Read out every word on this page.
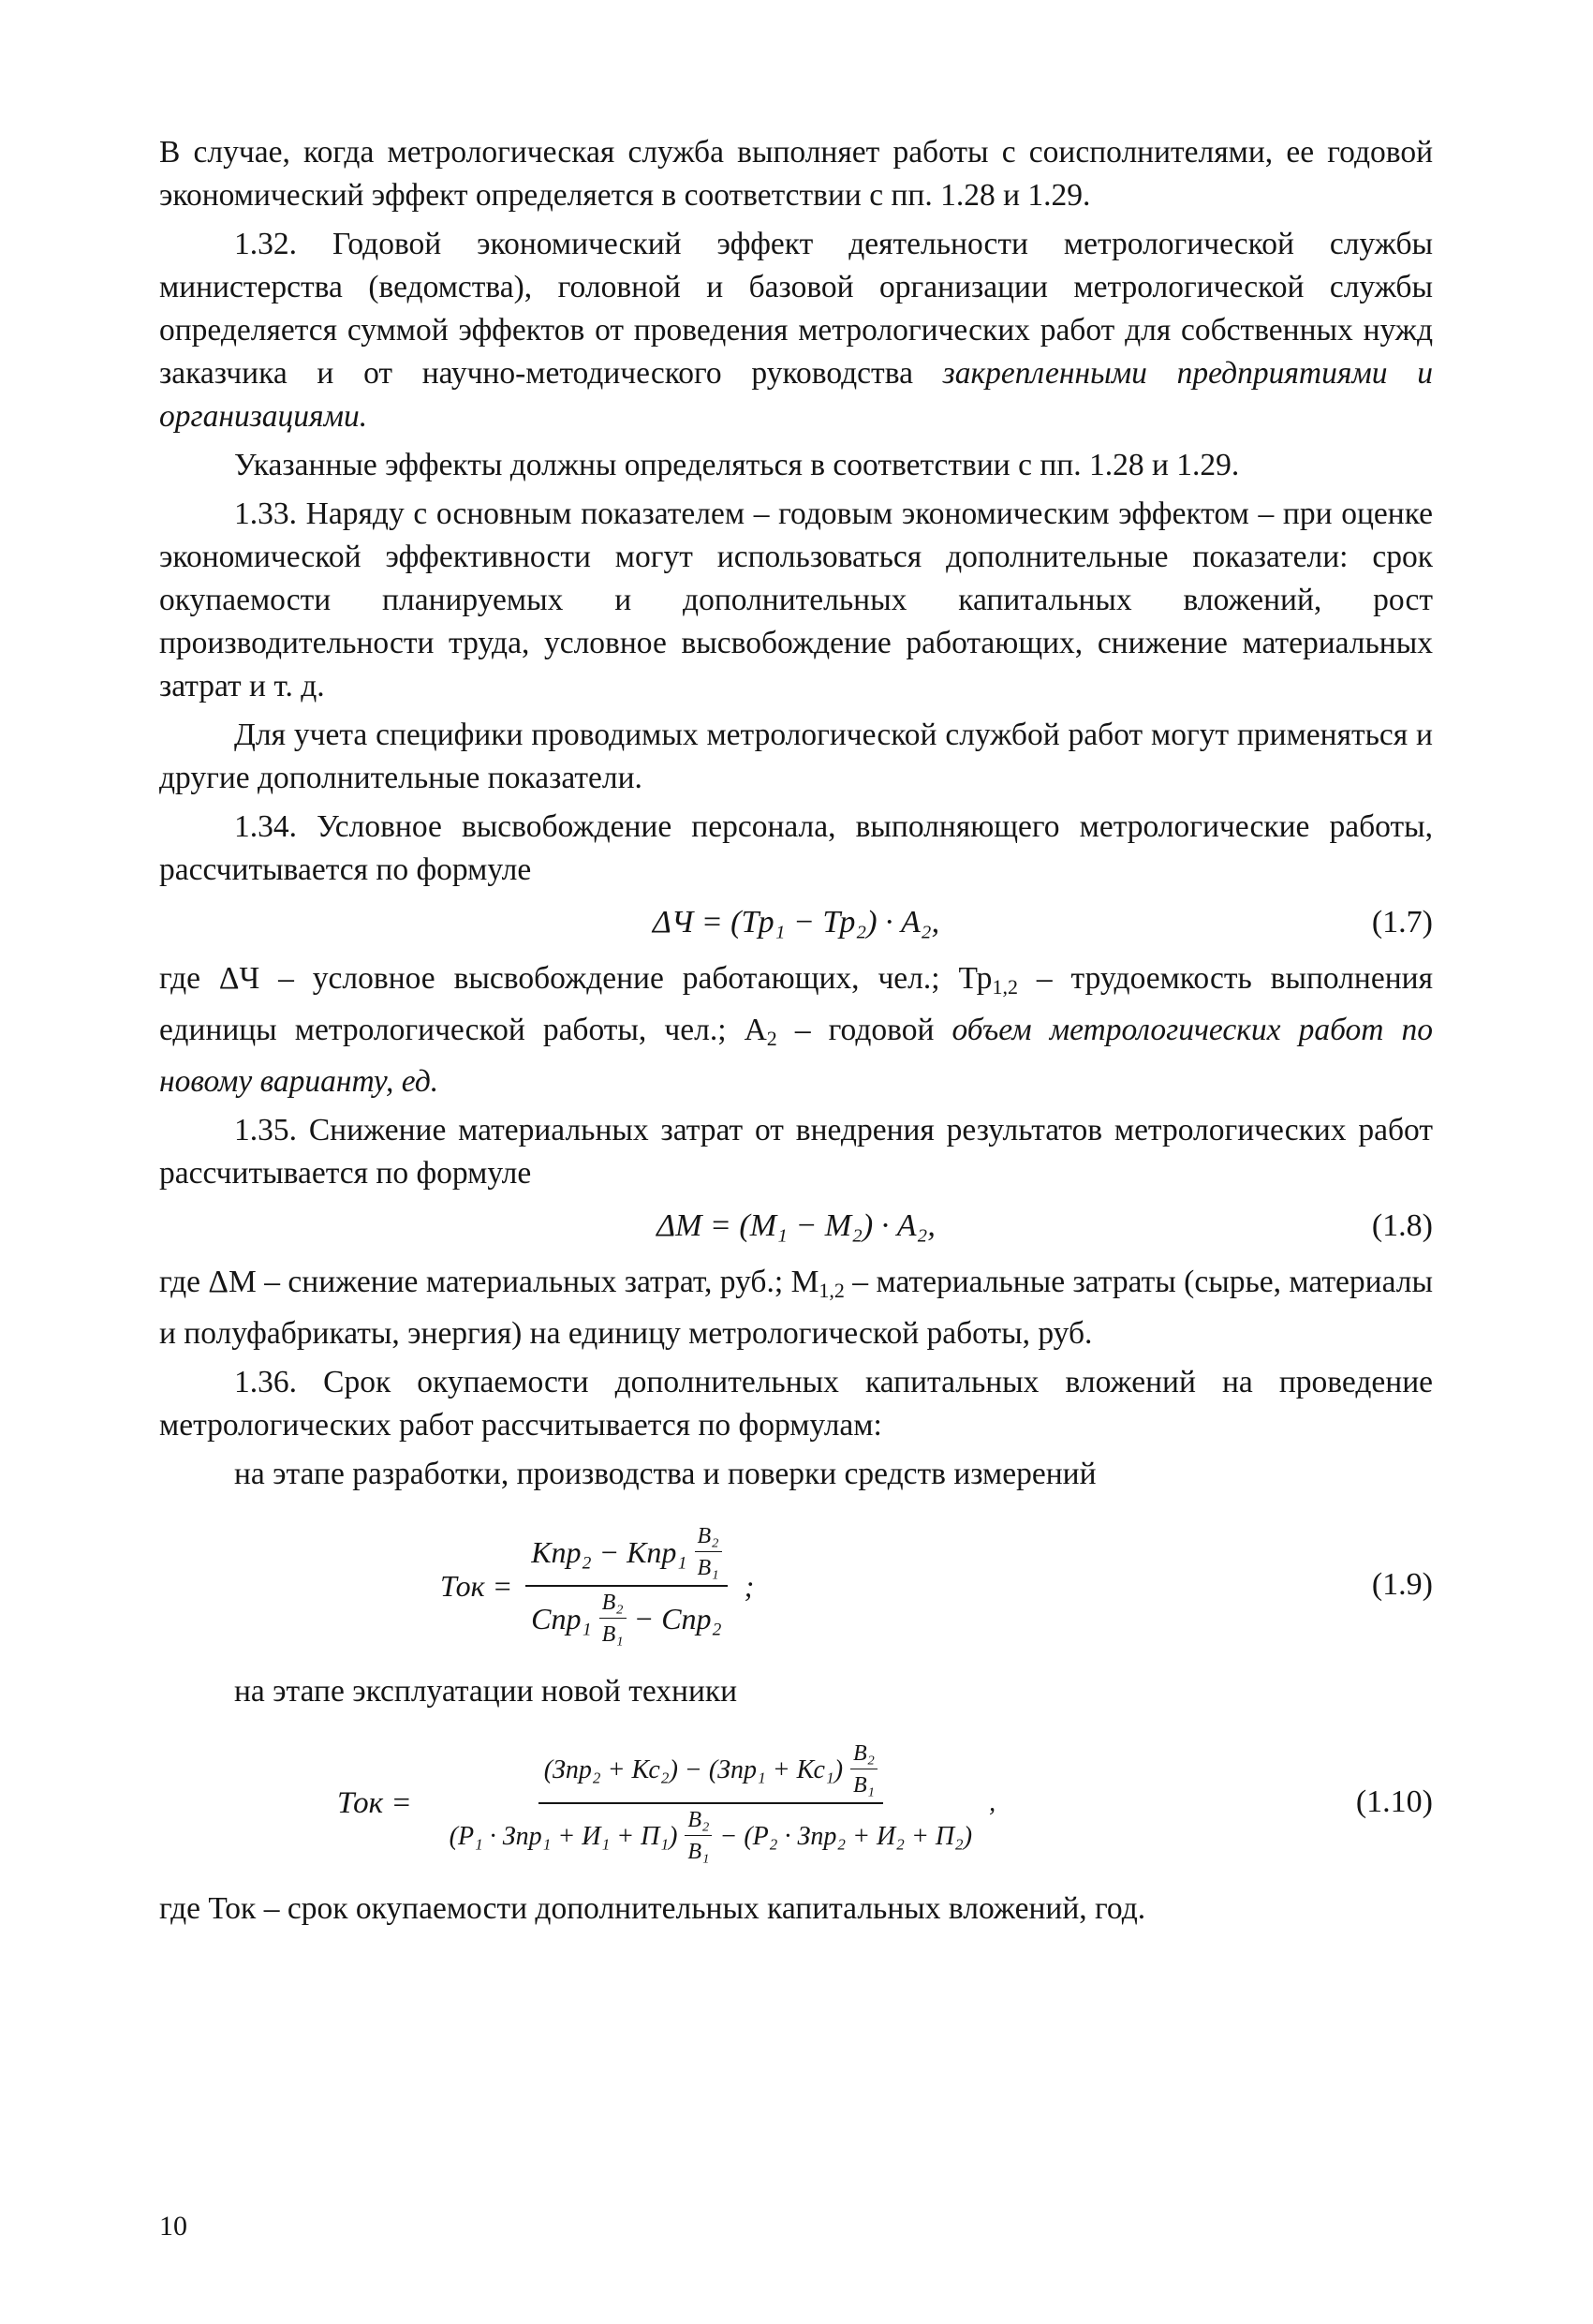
В случае, когда метрологическая служба выполняет работы с соисполнителями, ее годовой экономический эффект определяется в соответствии с пп. 1.28 и 1.29.

1.32. Годовой экономический эффект деятельности метрологической службы министерства (ведомства), головной и базовой организации метрологической службы определяется суммой эффектов от проведения метрологических работ для собственных нужд заказчика и от научно-методического руководства закрепленными предприятиями и организациями.

Указанные эффекты должны определяться в соответствии с пп. 1.28 и 1.29.

1.33. Наряду с основным показателем – годовым экономическим эффектом – при оценке экономической эффективности могут использоваться дополнительные показатели: срок окупаемости планируемых и дополнительных капитальных вложений, рост производительности труда, условное высвобождение работающих, снижение материальных затрат и т. д.

Для учета специфики проводимых метрологической службой работ могут применяться и другие дополнительные показатели.

1.34. Условное высвобождение персонала, выполняющего метрологические работы, рассчитывается по формуле

ΔЧ = (Тр₁ − Тр₂) · А₂,	(1.7)

где ΔЧ – условное высвобождение работающих, чел.; $Тр_{1,2}$ – трудоемкость выполнения единицы метрологической работы, чел.; $А_2$ – годовой объем метрологических работ по новому варианту, ед.

1.35. Снижение материальных затрат от внедрения результатов метрологических работ рассчитывается по формуле

ΔМ = (М₁ − М₂) · А₂,	(1.8)

где ΔМ – снижение материальных затрат, руб.; $М_{1,2}$ – материальные затраты (сырье, материалы и полуфабрикаты, энергия) на единицу метрологической работы, руб.

1.36. Срок окупаемости дополнительных капитальных вложений на проведение метрологических работ рассчитывается по формулам:

на этапе разработки, производства и поверки средств измерений

Ток =
$Кпр_2 - Кпр_1 \frac{\text{В₂}}{\text{В₁}}$
$Спр_1 \frac{\text{В₂}}{\text{В₁}} - Спр_2$
;	(1.9)

на этапе эксплуатации новой техники

Ток =
$(Зпр_2 + Кс_2) - (Зпр_1 + Кс_1) \frac{\text{В₂}}{\text{В₁}}$
$(Р_1 \cdot Зпр_1 + И_1 + П_1) \frac{\text{В₂}}{\text{В₁}} - (Р_2 \cdot Зпр_2 + И_2 + П_2)$
,	(1.10)

где Ток – срок окупаемости дополнительных капитальных вложений, год.

10
